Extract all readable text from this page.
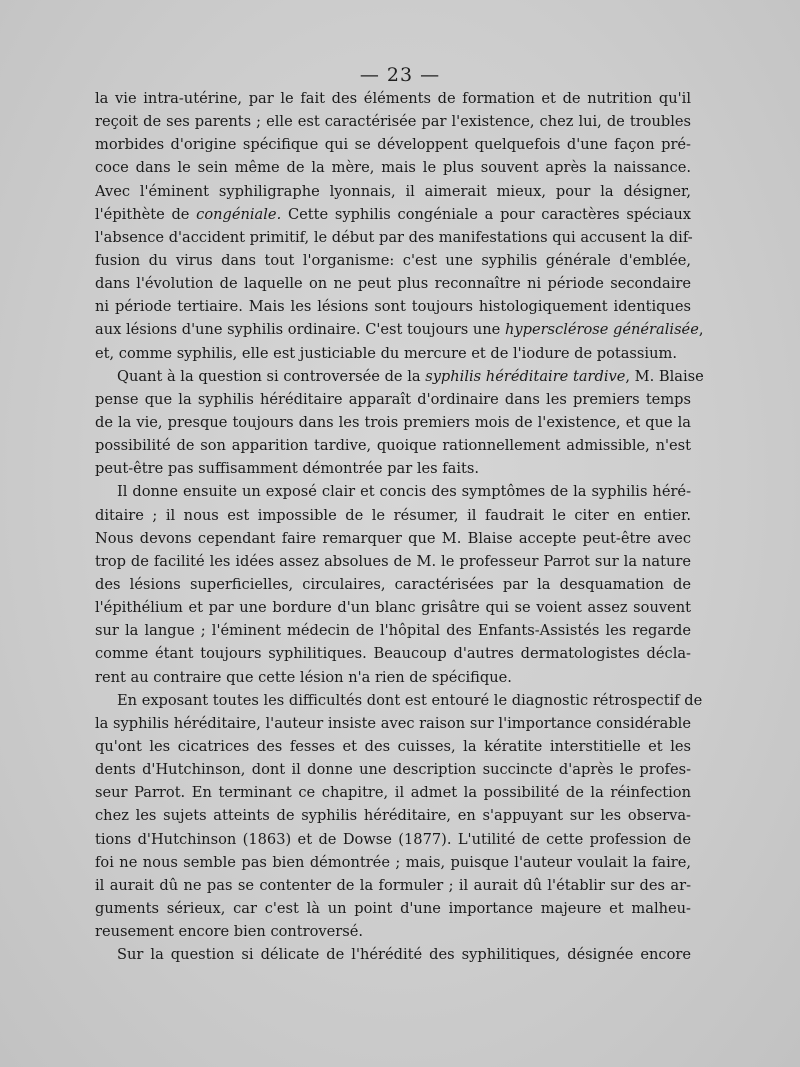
— 23 —
la vie intra-utérine, par le fait des éléments de formation et de nutrition qu'il
reçoit de ses parents ; elle est caractérisée par l'existence, chez lui, de troubles
morbides d'origine spécifique qui se développent quelquefois d'une façon pré-
coce dans le sein même de la mère, mais le plus souvent après la naissance.
Avec l'éminent syphiligraphe lyonnais, il aimerait mieux, pour la désigner,
l'épithète de congéniale. Cette syphilis congéniale a pour caractères spéciaux
l'absence d'accident primitif, le début par des manifestations qui accusent la dif-
fusion du virus dans tout l'organisme: c'est une syphilis générale d'emblée,
dans l'évolution de laquelle on ne peut plus reconnaître ni période secondaire
ni période tertiaire. Mais les lésions sont toujours histologiquement identiques
aux lésions d'une syphilis ordinaire. C'est toujours une hypersclérose généralisée,
et, comme syphilis, elle est justiciable du mercure et de l'iodure de potassium.
Quant à la question si controversée de la syphilis héréditaire tardive, M. Blaise
pense que la syphilis héréditaire apparaît d'ordinaire dans les premiers temps
de la vie, presque toujours dans les trois premiers mois de l'existence, et que la
possibilité de son apparition tardive, quoique rationnellement admissible, n'est
peut-être pas suffisamment démontrée par les faits.
Il donne ensuite un exposé clair et concis des symptômes de la syphilis héré-
ditaire ; il nous est impossible de le résumer, il faudrait le citer en entier.
Nous devons cependant faire remarquer que M. Blaise accepte peut-être avec
trop de facilité les idées assez absolues de M. le professeur Parrot sur la nature
des lésions superficielles, circulaires, caractérisées par la desquamation de
l'épithélium et par une bordure d'un blanc grisâtre qui se voient assez souvent
sur la langue ; l'éminent médecin de l'hôpital des Enfants-Assistés les regarde
comme étant toujours syphilitiques. Beaucoup d'autres dermatologistes décla-
rent au contraire que cette lésion n'a rien de spécifique.
En exposant toutes les difficultés dont est entouré le diagnostic rétrospectif de
la syphilis héréditaire, l'auteur insiste avec raison sur l'importance considérable
qu'ont les cicatrices des fesses et des cuisses, la kératite interstitielle et les
dents d'Hutchinson, dont il donne une description succincte d'après le profes-
seur Parrot. En terminant ce chapitre, il admet la possibilité de la réinfection
chez les sujets atteints de syphilis héréditaire, en s'appuyant sur les observa-
tions d'Hutchinson (1863) et de Dowse (1877). L'utilité de cette profession de
foi ne nous semble pas bien démontrée ; mais, puisque l'auteur voulait la faire,
il aurait dû ne pas se contenter de la formuler ; il aurait dû l'établir sur des ar-
guments sérieux, car c'est là un point d'une importance majeure et malheu-
reusement encore bien controversé.
Sur la question si délicate de l'hérédité des syphilitiques, désignée encore
